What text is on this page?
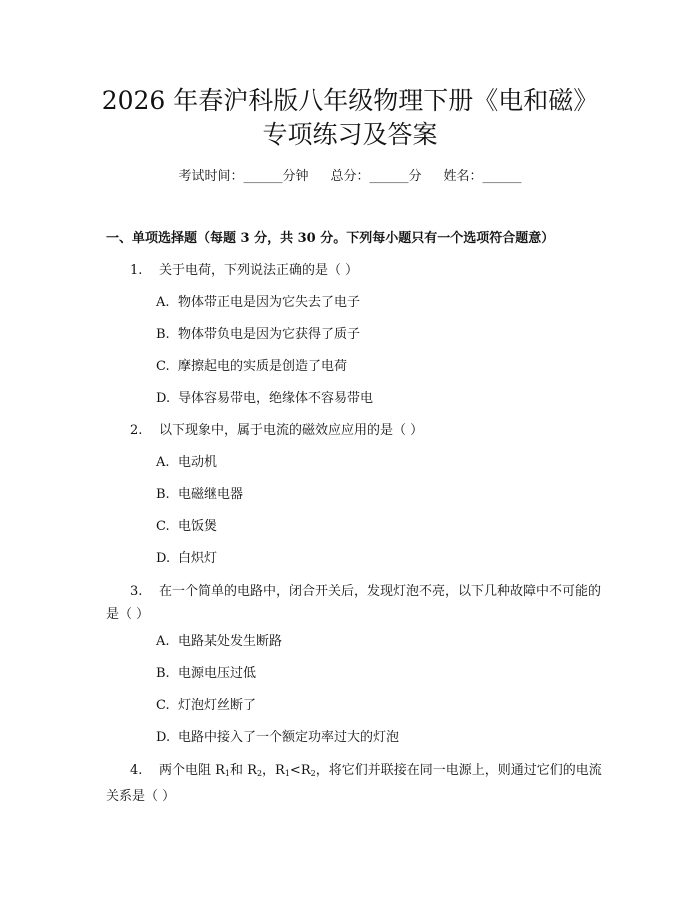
2026 年春沪科版八年级物理下册《电和磁》
专项练习及答案
考试时间：______分钟 总分：______分 姓名：______
一、单项选择题（每题 3 分，共 30 分。下列每小题只有一个选项符合题意）
1. 关于电荷，下列说法正确的是（ ）
A. 物体带正电是因为它失去了电子
B. 物体带负电是因为它获得了质子
C. 摩擦起电的实质是创造了电荷
D. 导体容易带电，绝缘体不容易带电
2. 以下现象中，属于电流的磁效应应用的是（ ）
A. 电动机
B. 电磁继电器
C. 电饭煲
D. 白炽灯
3. 在一个简单的电路中，闭合开关后，发现灯泡不亮，以下几种故障中不可能的是（ ）
A. 电路某处发生断路
B. 电源电压过低
C. 灯泡灯丝断了
D. 电路中接入了一个额定功率过大的灯泡
4. 两个电阻 $R_1$和 $R_2$，$R_1<R_2$，将它们并联接在同一电源上，则通过它们的电流关系是（ ）
